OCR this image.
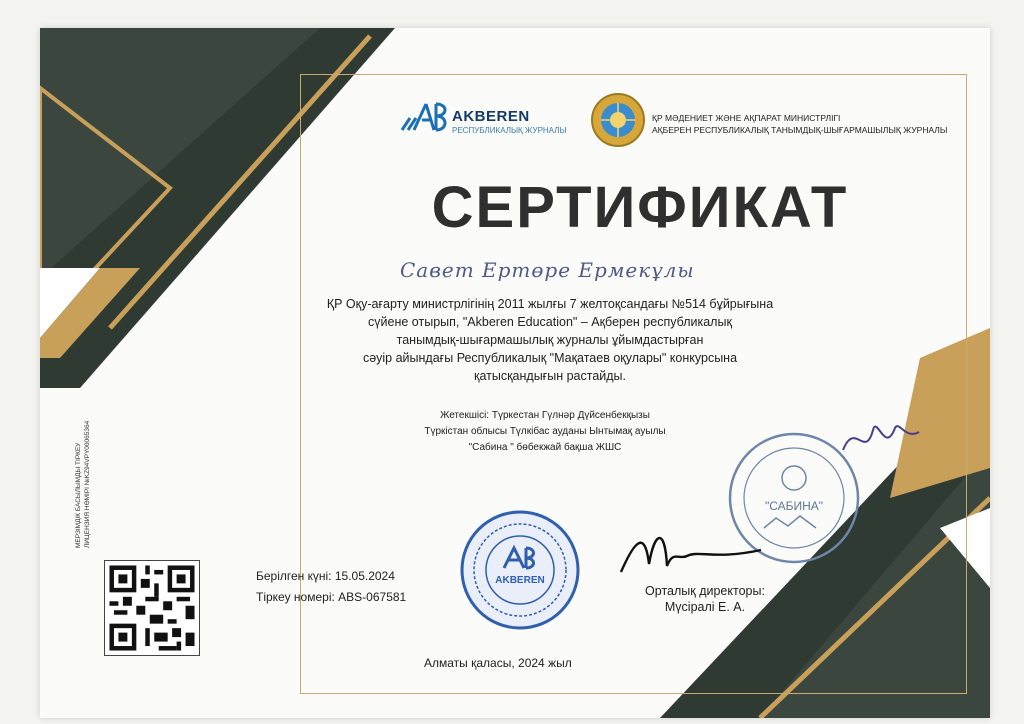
AKBEREN
РЕСПУБЛИКАЛЫҚ ЖУРНАЛЫ
ҚР МӘДЕНИЕТ ЖӘНЕ АҚПАРАТ МИНИСТРЛІГІ
АҚБЕРЕН РЕСПУБЛИКАЛЫҚ ТАНЫМДЫҚ-ШЫҒАРМАШЫЛЫҚ ЖУРНАЛЫ
СЕРТИФИКАТ
Савет Ертөре Ермекұлы
ҚР Оқу-ағарту министрлігінің 2011 жылғы 7 желтоқсандағы №514 бұйрығына
сүйене отырып, "Akberen Education" – Ақберен республикалық
танымдық-шығармашылық журналы ұйымдастырған
сәуір айындағы Республикалық "Мақатаев оқулары" конкурсына
қатысқандығын растайды.
Жетекшісі: Түркестан Гүлнәр Дүйсенбекқызы
Түркістан облысы Түлкібас ауданы Ынтымақ ауылы
"Сабина " бөбекжай бақша ЖШС
МЕРЗІМДІК БАСЫЛЫМДЫ ТІРКЕУ ЛИЦЕНЗИЯ НӨМІРІ №KZ94VPY00065364
Берілген күні: 15.05.2024
Тіркеу номері: ABS-067581
AKBEREN
"САБИНА"
Орталық директоры:
Мүсіралі Е. А.
Алматы қаласы, 2024 жыл
